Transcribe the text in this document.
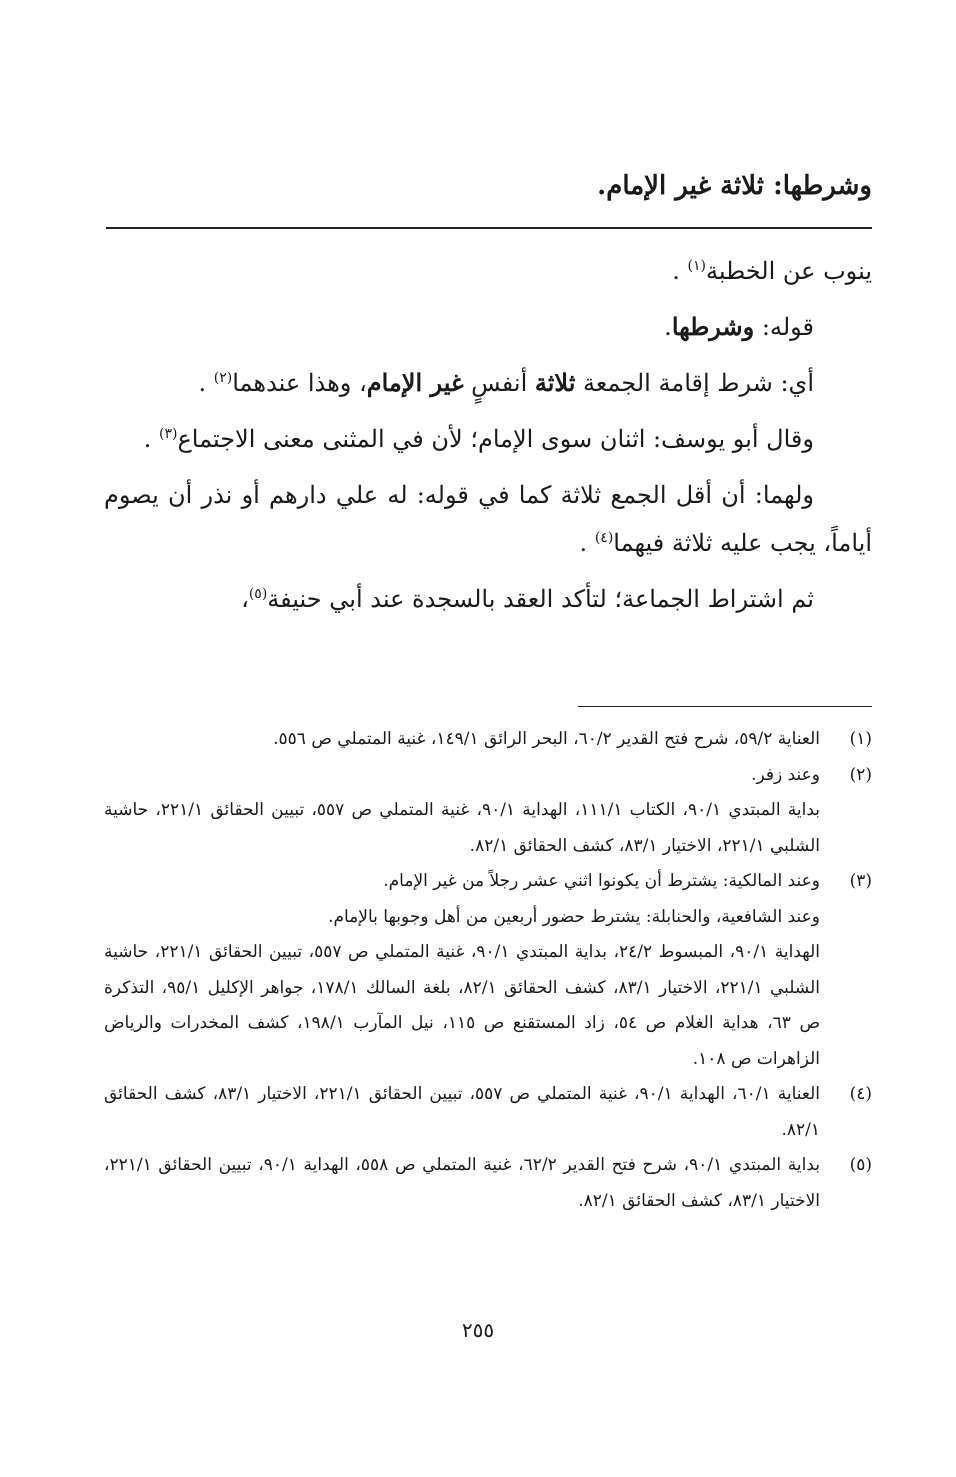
وشرطها: ثلاثة غير الإمام.

ينوب عن الخطبة$^{(١)}$ .

قوله: وشرطها.

أي: شرط إقامة الجمعة ثلاثة أنفسٍ غير الإمام، وهذا عندهما$^{(٢)}$ .

وقال أبو يوسف: اثنان سوى الإمام؛ لأن في المثنى معنى الاجتماع$^{(٣)}$ .

ولهما: أن أقل الجمع ثلاثة كما في قوله: له علي دارهم أو نذر أن يصوم أياماً، يجب عليه ثلاثة فيهما$^{(٤)}$ .

ثم اشتراط الجماعة؛ لتأكد العقد بالسجدة عند أبي حنيفة$^{(٥)}$،

(١)
العناية ٥٩/٢، شرح فتح القدير ٦٠/٢، البحر الرائق ١٤٩/١، غنية المتملي ص ٥٥٦.
(٢)
وعند زفر.
بداية المبتدي ٩٠/١، الكتاب ١١١/١، الهداية ٩٠/١، غنية المتملي ص ٥٥٧، تبيين الحقائق ٢٢١/١، حاشية الشلبي ٢٢١/١، الاختيار ٨٣/١، كشف الحقائق ٨٢/١.
(٣)
وعند المالكية: يشترط أن يكونوا اثني عشر رجلاً من غير الإمام.
وعند الشافعية، والحنابلة: يشترط حضور أربعين من أهل وجوبها بالإمام.
الهداية ٩٠/١، المبسوط ٢٤/٢، بداية المبتدي ٩٠/١، غنية المتملي ص ٥٥٧، تبيين الحقائق ٢٢١/١، حاشية الشلبي ٢٢١/١، الاختيار ٨٣/١، كشف الحقائق ٨٢/١، بلغة السالك ١٧٨/١، جواهر الإكليل ٩٥/١، التذكرة ص ٦٣، هداية الغلام ص ٥٤، زاد المستقنع ص ١١٥، نيل المآرب ١٩٨/١، كشف المخدرات والرياض الزاهرات ص ١٠٨.
(٤)
العناية ٦٠/١، الهداية ٩٠/١، غنية المتملي ص ٥٥٧، تبيين الحقائق ٢٢١/١، الاختيار ٨٣/١، كشف الحقائق ٨٢/١.
(٥)
بداية المبتدي ٩٠/١، شرح فتح القدير ٦٢/٢، غنية المتملي ص ٥٥٨، الهداية ٩٠/١، تبيين الحقائق ٢٢١/١، الاختيار ٨٣/١، كشف الحقائق ٨٢/١.
٢٥٥
